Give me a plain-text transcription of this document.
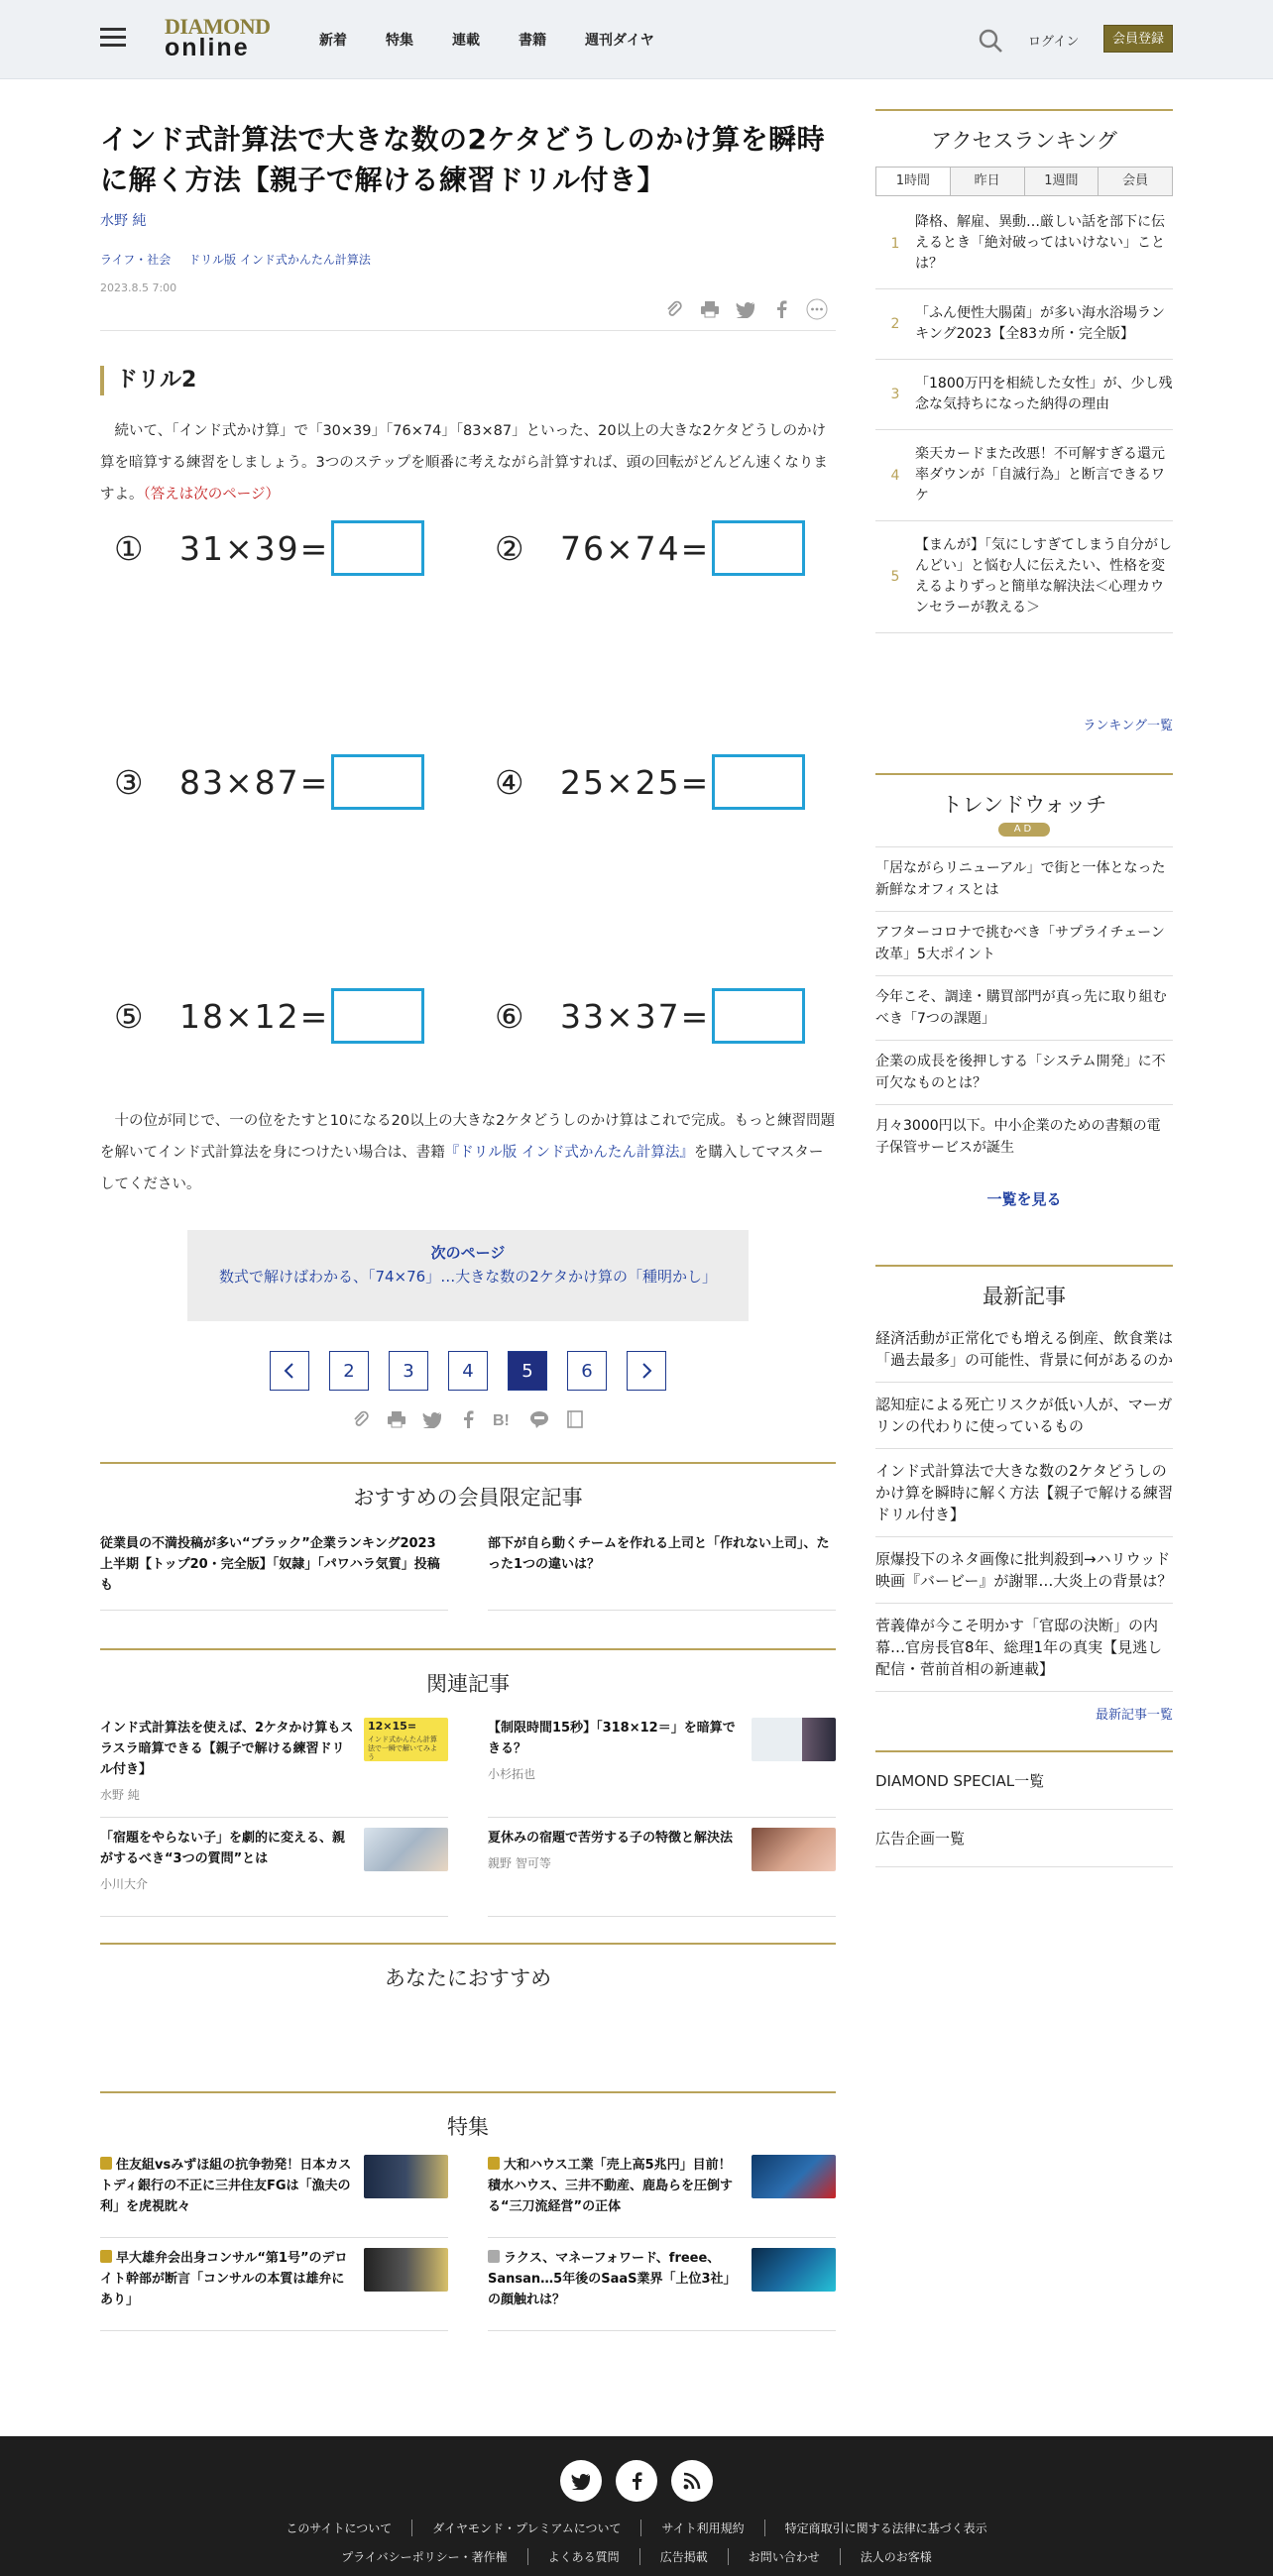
DIAMOND
online	新着	特集	連載	書籍	週刊ダイヤ	ログイン	会員登録
インド式計算法で大きな数の2ケタどうしのかけ算を瞬時に解く方法【親子で解ける練習ドリル付き】
水野 純
ライフ・社会 ドリル版 インド式かんたん計算法
2023.8.5 7:00
ドリル2

続いて、「インド式かけ算」で「30×39」「76×74」「83×87」といった、20以上の大きな2ケタどうしのかけ算を暗算する練習をしましょう。3つのステップを順番に考えながら計算すれば、頭の回転がどんどん速くなりますよ。（答えは次のページ）

①	31×39=	②	76×74=
③	83×87=	④	25×25=
⑤	18×12=	⑥	33×37=

十の位が同じで、一の位をたすと10になる20以上の大きな2ケタどうしのかけ算はこれで完成。もっと練習問題を解いてインド式計算法を身につけたい場合は、書籍『ドリル版 インド式かんたん計算法』を購入してマスターしてください。

次のページ
数式で解けばわかる、「74×76」…大きな数の2ケタかけ算の「種明かし」
2	3	4	5	6
B!
おすすめの会員限定記事
従業員の不満投稿が多い“ブラック”企業ランキング2023上半期【トップ20・完全版】「奴隷」「パワハラ気質」投稿も
部下が自ら動くチームを作れる上司と「作れない上司」、たった1つの違いは？
関連記事
インド式計算法を使えば、2ケタかけ算もスラスラ暗算できる【親子で解ける練習ドリル付き】
水野 純
12×15=
インド式かんたん計算法で一瞬で解いてみよう
【制限時間15秒】「318×12＝」を暗算できる？
小杉拓也
「宿題をやらない子」を劇的に変える、親がするべき“3つの質問”とは
小川大介
夏休みの宿題で苦労する子の特徴と解決法
親野 智可等
あなたにおすすめ
特集
住友組vsみずほ組の抗争勃発！日本カストディ銀行の不正に三井住友FGは「漁夫の利」を虎視眈々
大和ハウス工業「売上高5兆円」目前！積水ハウス、三井不動産、鹿島らを圧倒する“三刀流経営”の正体
早大雄弁会出身コンサル“第1号”のデロイト幹部が断言「コンサルの本質は雄弁にあり」
ラクス、マネーフォワード、freee、Sansan…5年後のSaaS業界「上位3社」の顔触れは？
アクセスランキング
1時間	昨日	1週間	会員
1
降格、解雇、異動…厳しい話を部下に伝えるとき「絶対破ってはいけない」ことは？
2
「ふん便性大腸菌」が多い海水浴場ランキング2023【全83カ所・完全版】
3
「1800万円を相続した女性」が、少し残念な気持ちになった納得の理由
4
楽天カードまた改悪！不可解すぎる還元率ダウンが「自滅行為」と断言できるワケ
5
【まんが】「気にしすぎてしまう自分がしんどい」と悩む人に伝えたい、性格を変えるよりずっと簡単な解決法＜心理カウンセラーが教える＞
ランキング一覧
トレンドウォッチ
AD
「居ながらリニューアル」で街と一体となった新鮮なオフィスとは
アフターコロナで挑むべき「サプライチェーン改革」5大ポイント
今年こそ、調達・購買部門が真っ先に取り組むべき「7つの課題」
企業の成長を後押しする「システム開発」に不可欠なものとは？
月々3000円以下。中小企業のための書類の電子保管サービスが誕生
一覧を見る
最新記事
経済活動が正常化でも増える倒産、飲食業は「過去最多」の可能性、背景に何があるのか
認知症による死亡リスクが低い人が、マーガリンの代わりに使っているもの
インド式計算法で大きな数の2ケタどうしのかけ算を瞬時に解く方法【親子で解ける練習ドリル付き】
原爆投下のネタ画像に批判殺到→ハリウッド映画『バービー』が謝罪…大炎上の背景は？
菅義偉が今こそ明かす「官邸の決断」の内幕…官房長官8年、総理1年の真実【見逃し配信・菅前首相の新連載】
最新記事一覧
DIAMOND SPECIAL一覧
広告企画一覧
このサイトについて	ダイヤモンド・プレミアムについて	サイト利用規約	特定商取引に関する法律に基づく表示
プライバシーポリシー・著作権	よくある質問	広告掲載	お問い合わせ	法人のお客様
